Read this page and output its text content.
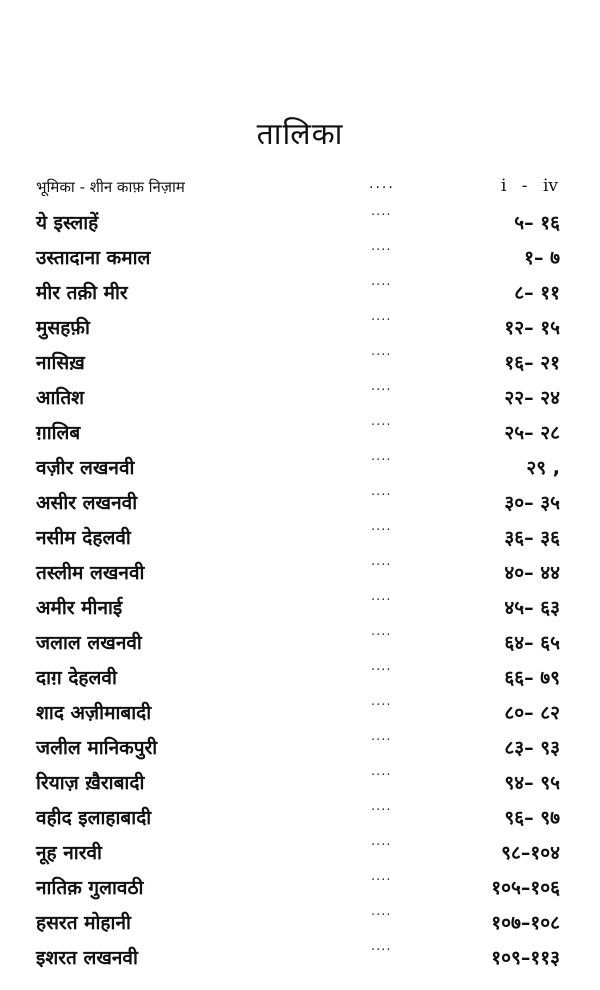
तालिका
भूमिका - शीन काफ़ निज़ाम	....	i - iv
ये इस्लाहें
....
५– १६
उस्तादाना कमाल
....
१– ७
मीर तक़ी मीर
....
८– ११
मुसहफ़ी
....
१२– १५
नासिख़
....
१६– २१
आतिश
....
२२– २४
ग़ालिब
....
२५– २८
वज़ीर लखनवी
....
२९ ,
असीर लखनवी
....
३०– ३५
नसीम देहलवी
....
३६– ३६
तस्लीम लखनवी
....
४०– ४४
अमीर मीनाई
....
४५– ६३
जलाल लखनवी
....
६४– ६५
दाग़ देहलवी
....
६६– ७९
शाद अज़ीमाबादी
....
८०– ८२
जलील मानिकपुरी
....
८३– ९३
रियाज़ ख़ैराबादी
....
९४– ९५
वहीद इलाहाबादी
....
९६– ९७
नूह नारवी
....
९८–१०४
नातिक़ गुलावठी
....
१०५–१०६
हसरत मोहानी
....
१०७–१०८
इशरत लखनवी
....
१०९–११३
